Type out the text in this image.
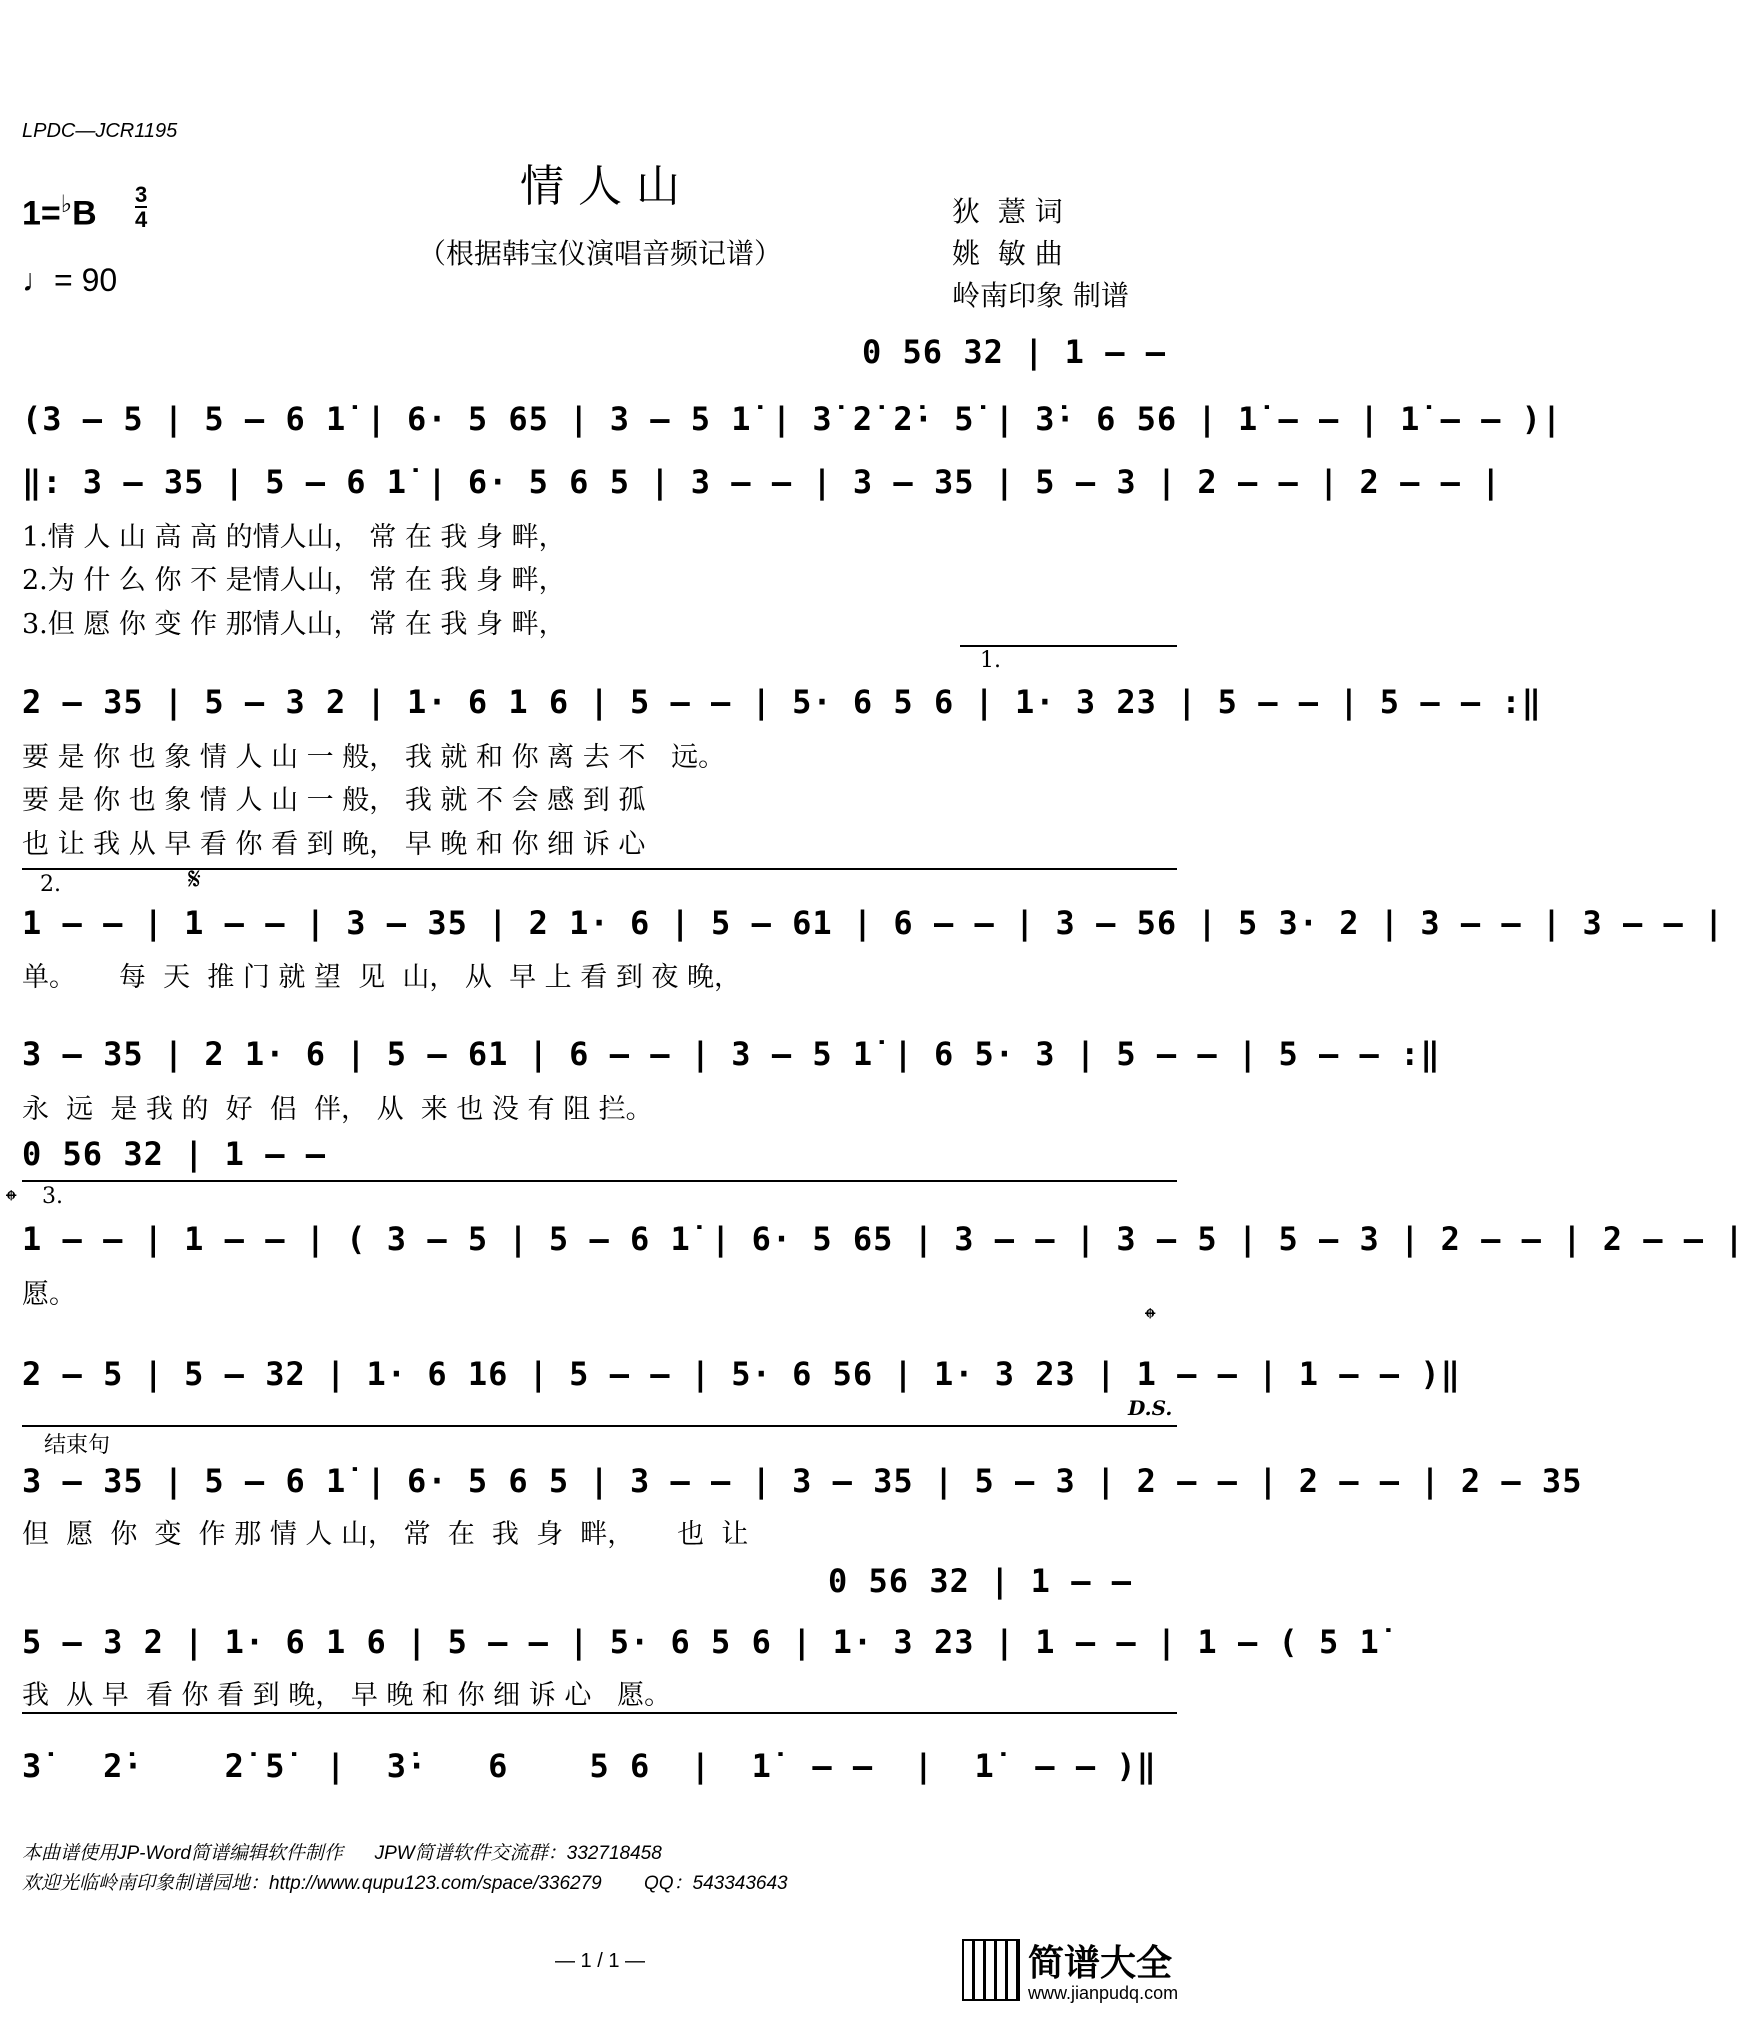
LPDC—JCR1195
情 人 山
（根据韩宝仪演唱音频记谱）
1=♭B 3
4
♩= 90
狄  薏 词
姚  敏 曲
岭南印象 制谱
0 56 32 | 1 – –
(3 – 5 | 5 – 6 1̇ | 6· 5 65 | 3 – 5 1̇ | 3̇ 2̇ 2̇· 5̇ | 3̇· 6 56 | 1̇ – – | 1̇ – – )|
‖: 3 – 35 | 5 – 6 1̇ | 6· 5 6 5 | 3 – – | 3 – 35 | 5 – 3 | 2 – – | 2 – – |
1.情 人 山 高 高 的情人山， 常 在 我 身 畔，
2.为 什 么 你 不 是情人山， 常 在 我 身 畔，
3.但 愿 你 变 作 那情人山， 常 在 我 身 畔，
1.
2 – 35 | 5 – 3 2 | 1· 6 1 6 | 5 – – | 5· 6 5 6 | 1· 3 23 | 5 – – | 5 – – :‖
要 是 你 也 象 情 人 山 一 般， 我 就 和 你 离 去 不   远。
要 是 你 也 象 情 人 山 一 般， 我 就 不 会 感 到 孤
也 让 我 从 早 看 你 看 到 晚， 早 晚 和 你 细 诉 心
2.	𝄋
1 – – | 1 – – | 3 – 35 | 2 1· 6 | 5 – 61 | 6 – – | 3 – 56 | 5 3· 2 | 3 – – | 3 – – |
单。     每  天  推 门 就 望  见  山， 从  早 上 看 到 夜 晚，
3 – 35 | 2 1· 6 | 5 – 61 | 6 – – | 3 – 5 1̇ | 6 5· 3 | 5 – – | 5 – – :‖
永  远  是 我 的  好  侣  伴， 从  来 也 没 有 阻 拦。
0 56 32 | 1 – –
𝄌 3.
1 – – | 1 – – | ( 3 – 5 | 5 – 6 1̇ | 6· 5 65 | 3 – – | 3 – 5 | 5 – 3 | 2 – – | 2 – – |
愿。
𝄌
2 – 5 | 5 – 32 | 1· 6 16 | 5 – – | 5· 6 56 | 1· 3 23 | 1 – – | 1 – – )‖
D.S.
结束句
3 – 35 | 5 – 6 1̇ | 6· 5 6 5 | 3 – – | 3 – 35 | 5 – 3 | 2 – – | 2 – – | 2 – 35
但  愿  你  变  作 那 情 人 山， 常  在  我  身  畔，     也  让
0 56 32 | 1 – –
5 – 3 2 | 1· 6 1 6 | 5 – – | 5· 6 5 6 | 1· 3 23 | 1 – – | 1 – ( 5 1̇
我  从 早  看 你 看 到 晚， 早 晚 和 你 细 诉 心   愿。
3̇   2̇·    2̇ 5̇  |  3̇·   6    5 6  |  1̇  – –  |  1̇  – – )‖
本曲谱使用JP-Word简谱编辑软件制作      JPW简谱软件交流群：332718458
欢迎光临岭南印象制谱园地：http://www.qupu123.com/space/336279        QQ：543343643
— 1 / 1 —	简谱大全
www.jianpudq.com
